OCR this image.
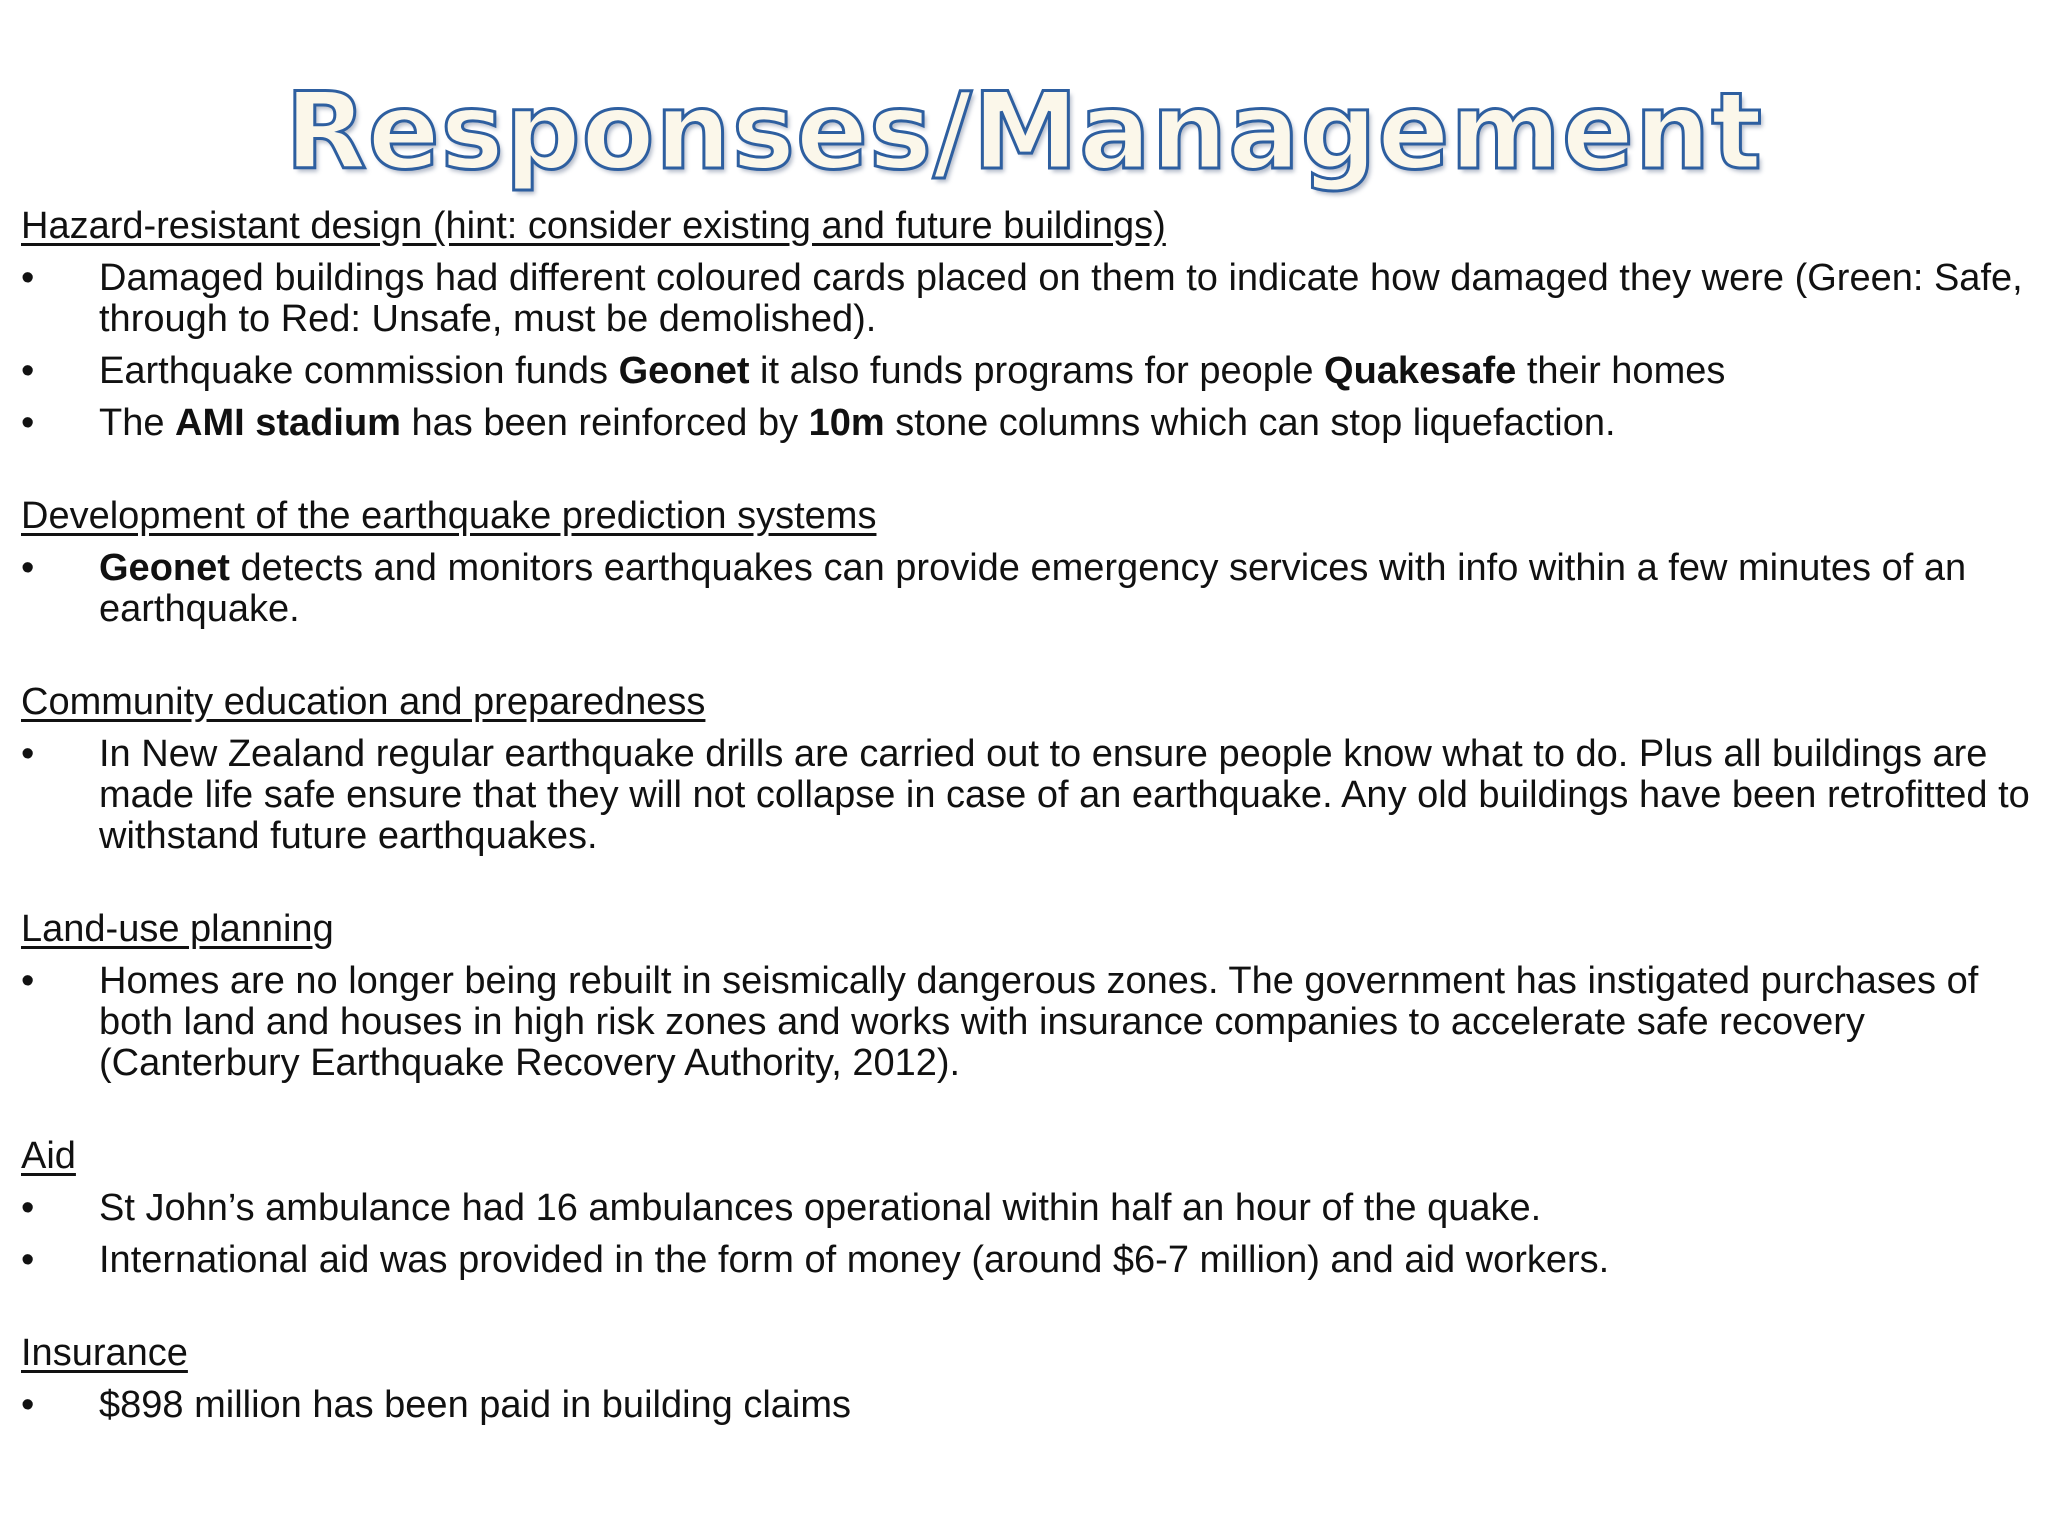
Responses/Management
Hazard-resistant design (hint: consider existing and future buildings)
•	Damaged buildings had different coloured cards placed on them to indicate how damaged they were (Green: Safe, through to Red: Unsafe, must be demolished).
•	Earthquake commission funds Geonet it also funds programs for people Quakesafe their homes
•	The AMI stadium has been reinforced by 10m stone columns which can stop liquefaction.
Development of the earthquake prediction systems
•	Geonet detects and monitors earthquakes can provide emergency services with info within a few minutes of an earthquake.
Community education and preparedness
•	In New Zealand regular earthquake drills are carried out to ensure people know what to do. Plus all buildings are made life safe ensure that they will not collapse in case of an earthquake. Any old buildings have been retrofitted to withstand future earthquakes.
Land-use planning
•	Homes are no longer being rebuilt in seismically dangerous zones. The government has instigated purchases of both land and houses in high risk zones and works with insurance companies to accelerate safe recovery (Canterbury Earthquake Recovery Authority, 2012).
Aid
•	St John’s ambulance had 16 ambulances operational within half an hour of the quake.
•	International aid was provided in the form of money (around $6-7 million) and aid workers.
Insurance
•	$898 million has been paid in building claims
